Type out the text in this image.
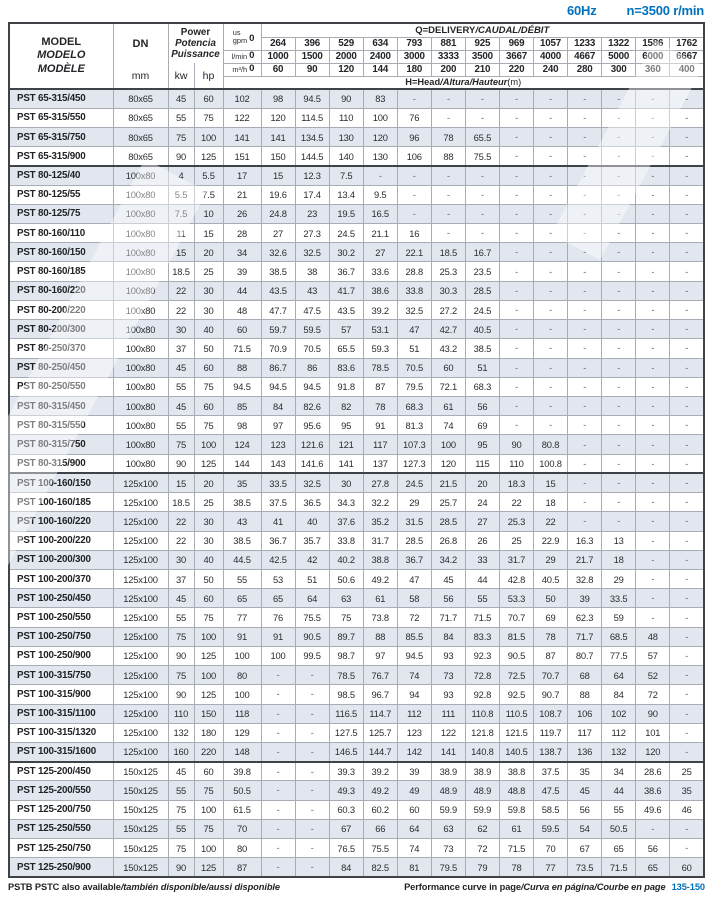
60Hz n=3500 r/min
MODEL
MODELO
MODÈLE
	DN	
Power
Potencia
Puissance

us
gpm 0
	Q=DELIVERY/CAUDAL/DÉBIT
					264	396	529	634	793	881	925	969	1057	1233	1322	1586	1762

				l/min 0	1000	1500	2000	2400	3000	3333	3500	3667	4000	4667	5000	6000	6667
	mm	kw	hp	m³/h 0	60	90	120	144	180	200	210	220	240	280	300	360	400
				H=Head/Altura/Hauteur(m)													
PST 65-315/450	80x65	45	60	102	98	94.5	90	83	-	-	-	-	-	-	-	-	-
PST 65-315/550	80x65	55	75	122	120	114.5	110	100	76	-	-	-	-	-	-	-	-
PST 65-315/750	80x65	75	100	141	141	134.5	130	120	96	78	65.5	-	-	-	-	-	-
PST 65-315/900	80x65	90	125	151	150	144.5	140	130	106	88	75.5	-	-	-	-	-	-
PST 80-125/40	100x80	4	5.5	17	15	12.3	7.5	-	-	-	-	-	-	-	-	-	-
PST 80-125/55	100x80	5.5	7.5	21	19.6	17.4	13.4	9.5	-	-	-	-	-	-	-	-	-
PST 80-125/75	100x80	7.5	10	26	24.8	23	19.5	16.5	-	-	-	-	-	-	-	-	-
PST 80-160/110	100x80	11	15	28	27	27.3	24.5	21.1	16	-	-	-	-	-	-	-	-
PST 80-160/150	100x80	15	20	34	32.6	32.5	30.2	27	22.1	18.5	16.7	-	-	-	-	-	-
PST 80-160/185	100x80	18.5	25	39	38.5	38	36.7	33.6	28.8	25.3	23.5	-	-	-	-	-	-
PST 80-160/220	100x80	22	30	44	43.5	43	41.7	38.6	33.8	30.3	28.5	-	-	-	-	-	-
PST 80-200/220	100x80	22	30	48	47.7	47.5	43.5	39.2	32.5	27.2	24.5	-	-	-	-	-	-
PST 80-200/300	100x80	30	40	60	59.7	59.5	57	53.1	47	42.7	40.5	-	-	-	-	-	-
PST 80-250/370	100x80	37	50	71.5	70.9	70.5	65.5	59.3	51	43.2	38.5	-	-	-	-	-	-
PST 80-250/450	100x80	45	60	88	86.7	86	83.6	78.5	70.5	60	51	-	-	-	-	-	-
PST 80-250/550	100x80	55	75	94.5	94.5	94.5	91.8	87	79.5	72.1	68.3	-	-	-	-	-	-
PST 80-315/450	100x80	45	60	85	84	82.6	82	78	68.3	61	56	-	-	-	-	-	-
PST 80-315/550	100x80	55	75	98	97	95.6	95	91	81.3	74	69	-	-	-	-	-	-
PST 80-315/750	100x80	75	100	124	123	121.6	121	117	107.3	100	95	90	80.8	-	-	-	-
PST 80-315/900	100x80	90	125	144	143	141.6	141	137	127.3	120	115	110	100.8	-	-	-	-
PST 100-160/150	125x100	15	20	35	33.5	32.5	30	27.8	24.5	21.5	20	18.3	15	-	-	-	-
PST 100-160/185	125x100	18.5	25	38.5	37.5	36.5	34.3	32.2	29	25.7	24	22	18	-	-	-	-
PST 100-160/220	125x100	22	30	43	41	40	37.6	35.2	31.5	28.5	27	25.3	22	-	-	-	-
PST 100-200/220	125x100	22	30	38.5	36.7	35.7	33.8	31.7	28.5	26.8	26	25	22.9	16.3	13	-	-
PST 100-200/300	125x100	30	40	44.5	42.5	42	40.2	38.8	36.7	34.2	33	31.7	29	21.7	18	-	-
PST 100-200/370	125x100	37	50	55	53	51	50.6	49.2	47	45	44	42.8	40.5	32.8	29	-	-
PST 100-250/450	125x100	45	60	65	65	64	63	61	58	56	55	53.3	50	39	33.5	-	-
PST 100-250/550	125x100	55	75	77	76	75.5	75	73.8	72	71.7	71.5	70.7	69	62.3	59	-	-
PST 100-250/750	125x100	75	100	91	91	90.5	89.7	88	85.5	84	83.3	81.5	78	71.7	68.5	48	-
PST 100-250/900	125x100	90	125	100	100	99.5	98.7	97	94.5	93	92.3	90.5	87	80.7	77.5	57	-
PST 100-315/750	125x100	75	100	80	-	-	78.5	76.7	74	73	72.8	72.5	70.7	68	64	52	-
PST 100-315/900	125x100	90	125	100	-	-	98.5	96.7	94	93	92.8	92.5	90.7	88	84	72	-
PST 100-315/1100	125x100	110	150	118	-	-	116.5	114.7	112	111	110.8	110.5	108.7	106	102	90	-
PST 100-315/1320	125x100	132	180	129	-	-	127.5	125.7	123	122	121.8	121.5	119.7	117	112	101	-
PST 100-315/1600	125x100	160	220	148	-	-	146.5	144.7	142	141	140.8	140.5	138.7	136	132	120	-
PST 125-200/450	150x125	45	60	39.8	-	-	39.3	39.2	39	38.9	38.9	38.8	37.5	35	34	28.6	25
PST 125-200/550	150x125	55	75	50.5	-	-	49.3	49.2	49	48.9	48.9	48.8	47.5	45	44	38.6	35
PST 125-200/750	150x125	75	100	61.5	-	-	60.3	60.2	60	59.9	59.9	59.8	58.5	56	55	49.6	46
PST 125-250/550	150x125	55	75	70	-	-	67	66	64	63	62	61	59.5	54	50.5	-	-
PST 125-250/750	150x125	75	100	80	-	-	76.5	75.5	74	73	72	71.5	70	67	65	56	-
PST 125-250/900	150x125	90	125	87	-	-	84	82.5	81	79.5	79	78	77	73.5	71.5	65	60
PSTB PSTC also available/también disponible/aussi disponible	Performance curve in page/Curva en página/Courbe en page 135-150
